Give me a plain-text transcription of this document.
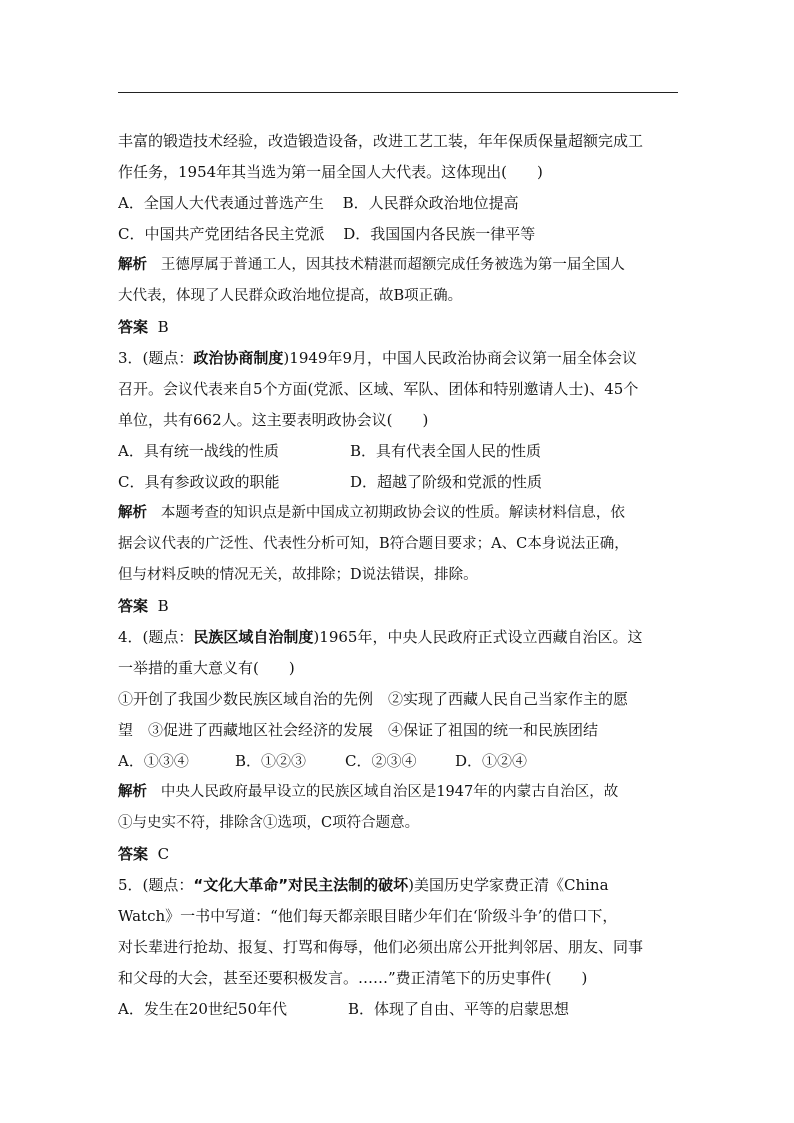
丰富的锻造技术经验，改造锻造设备，改进工艺工装，年年保质保量超额完成工
作任务，1954年其当选为第一届全国人大代表。这体现出(　　)
A．全国人大代表通过普选产生 B．人民群众政治地位提高
C．中国共产党团结各民主党派 D．我国国内各民族一律平等
解析 王德厚属于普通工人，因其技术精湛而超额完成任务被选为第一届全国人
大代表，体现了人民群众政治地位提高，故B项正确。
答案 B
3．(题点：政治协商制度)1949年9月，中国人民政治协商会议第一届全体会议
召开。会议代表来自5个方面(党派、区域、军队、团体和特别邀请人士)、45个
单位，共有662人。这主要表明政协会议(　　)
A．具有统一战线的性质	B．具有代表全国人民的性质
C．具有参政议政的职能	D．超越了阶级和党派的性质
解析 本题考查的知识点是新中国成立初期政协会议的性质。解读材料信息，依
据会议代表的广泛性、代表性分析可知，B符合题目要求；A、C本身说法正确，
但与材料反映的情况无关，故排除；D说法错误，排除。
答案 B
4．(题点：民族区域自治制度)1965年，中央人民政府正式设立西藏自治区。这
一举措的重大意义有(　　)
①开创了我国少数民族区域自治的先例　②实现了西藏人民自己当家作主的愿
望　③促进了西藏地区社会经济的发展　④保证了祖国的统一和民族团结
A．①③④	B．①②③	C．②③④	D．①②④
解析 中央人民政府最早设立的民族区域自治区是1947年的内蒙古自治区，故
①与史实不符，排除含①选项，C项符合题意。
答案 C
5．(题点：“文化大革命”对民主法制的破坏)美国历史学家费正清《China
Watch》一书中写道：“他们每天都亲眼目睹少年们在‘阶级斗争’的借口下，
对长辈进行抢劫、报复、打骂和侮辱，他们必须出席公开批判邻居、朋友、同事
和父母的大会，甚至还要积极发言。……”费正清笔下的历史事件(　　)
A．发生在20世纪50年代	B．体现了自由、平等的启蒙思想
